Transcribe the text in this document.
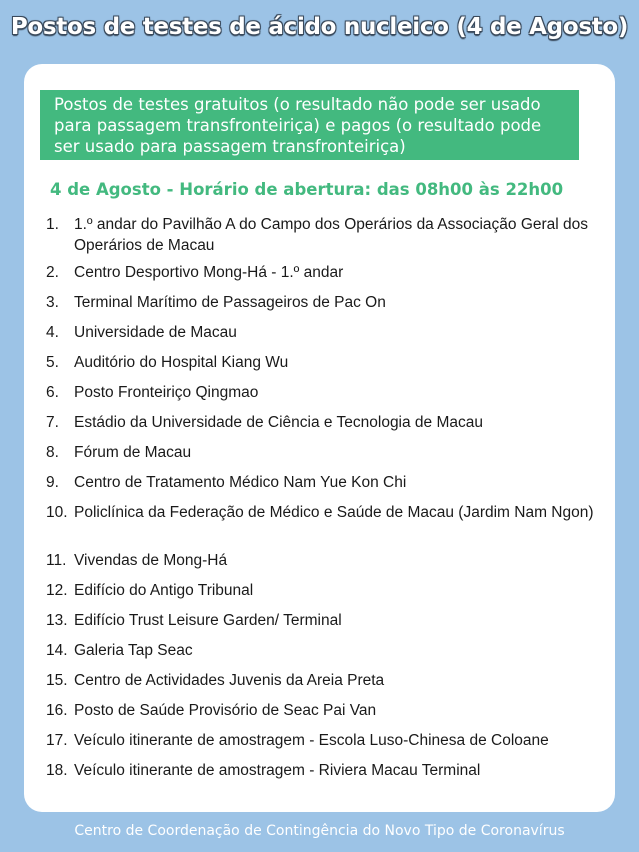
Postos de testes de ácido nucleico (4 de Agosto)
Postos de testes gratuitos (o resultado não pode ser usado para passagem transfronteiriça) e pagos (o resultado pode ser usado para passagem transfronteiriça)
4 de Agosto - Horário de abertura: das 08h00 às 22h00
1. 1.º andar do Pavilhão A do Campo dos Operários da Associação Geral dos Operários de Macau
2. Centro Desportivo Mong-Há - 1.º andar
3. Terminal Marítimo de Passageiros de Pac On
4. Universidade de Macau
5. Auditório do Hospital Kiang Wu
6. Posto Fronteiriço Qingmao
7. Estádio da Universidade de Ciência e Tecnologia de Macau
8. Fórum de Macau
9. Centro de Tratamento Médico Nam Yue Kon Chi
10. Policlínica da Federação de Médico e Saúde de Macau (Jardim Nam Ngon)
11. Vivendas de Mong-Há
12. Edifício do Antigo Tribunal
13. Edifício Trust Leisure Garden/ Terminal
14. Galeria Tap Seac
15. Centro de Actividades Juvenis da Areia Preta
16. Posto de Saúde Provisório de Seac Pai Van
17. Veículo itinerante de amostragem - Escola Luso-Chinesa de Coloane
18. Veículo itinerante de amostragem - Riviera Macau Terminal
Centro de Coordenação de Contingência do Novo Tipo de Coronavírus
